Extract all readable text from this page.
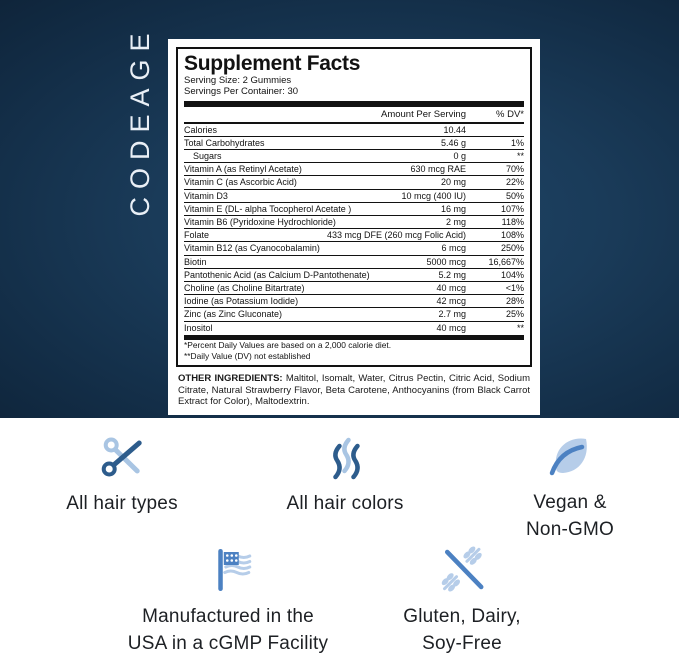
CODEAGE Supplement Facts
Serving Size: 2 Gummies
Servings Per Container: 30
Amount Per Serving	% DV*
Calories	10.44
Total Carbohydrates	5.46 g	1%
Sugars	0 g	**
Vitamin A (as Retinyl Acetate)	630 mcg RAE	70%
Vitamin C (as Ascorbic Acid)	20 mg	22%
Vitamin D3	10 mcg (400 IU)	50%
Vitamin E (DL- alpha Tocopherol Acetate )	16 mg	107%
Vitamin B6 (Pyridoxine Hydrochloride)	2 mg	118%
Folate	433 mcg DFE (260 mcg Folic Acid)	108%
Vitamin B12 (as Cyanocobalamin)	6 mcg	250%
Biotin	5000 mcg	16,667%
Pantothenic Acid (as Calcium D-Pantothenate)	5.2 mg	104%
Choline (as Choline Bitartrate)	40 mcg	<1%
Iodine (as Potassium Iodide)	42 mcg	28%
Zinc (as Zinc Gluconate)	2.7 mg	25%
Inositol	40 mcg	**
*Percent Daily Values are based on a 2,000 calorie diet.
**Daily Value (DV) not established
OTHER INGREDIENTS: Maltitol, Isomalt, Water, Citrus Pectin, Citric Acid, Sodium Citrate, Natural Strawberry Flavor, Beta Carotene, Anthocyanins (from Black Carrot Extract for Color), Maltodextrin.
All hair types	All hair colors	Vegan &
Non-GMO
Manufactured in the
USA in a cGMP Facility
Gluten, Dairy,
Soy-Free
